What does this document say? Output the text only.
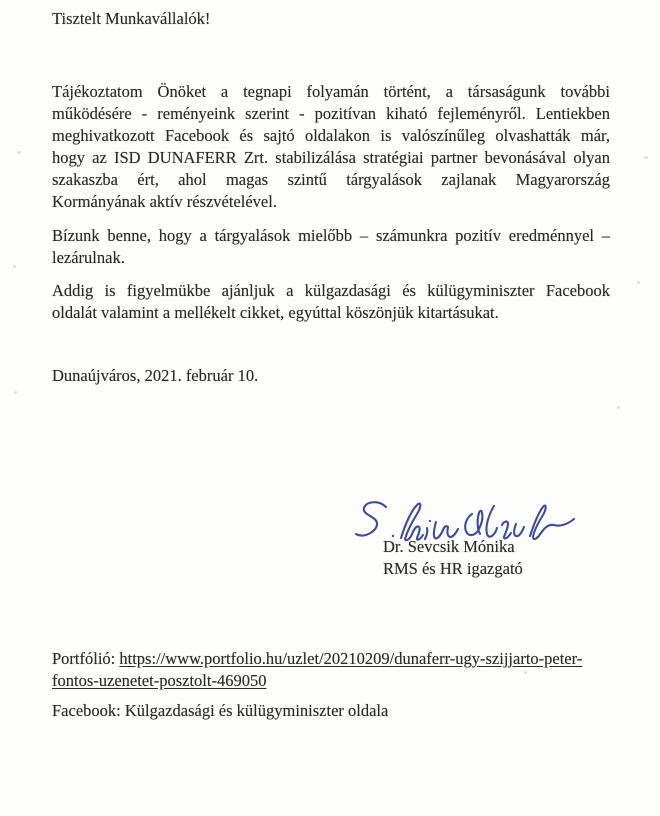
Tisztelt Munkavállalók!
Tájékoztatom Önöket a tegnapi folyamán történt, a társaságunk további
működésére - reményeink szerint - pozitívan kiható fejleményről. Lentiekben
meghivatkozott Facebook és sajtó oldalakon is valószínűleg olvashatták már,
hogy az ISD DUNAFERR Zrt. stabilizálása stratégiai partner bevonásával olyan
szakaszba ért, ahol magas szintű tárgyalások zajlanak Magyarország
Kormányának aktív részvételével.
Bízunk benne, hogy a tárgyalások mielőbb – számunkra pozitív eredménnyel –
lezárulnak.
Addig is figyelmükbe ajánljuk a külgazdasági és külügyminiszter Facebook
oldalát valamint a mellékelt cikket, egyúttal köszönjük kitartásukat.
Dunaújváros, 2021. február 10.
Dr. Sevcsik Mónika
RMS és HR igazgató
Portfólió: https://www.portfolio.hu/uzlet/20210209/dunaferr-ugy-szijjarto-peter-
fontos-uzenetet-posztolt-469050
Facebook: Külgazdasági és külügyminiszter oldala
